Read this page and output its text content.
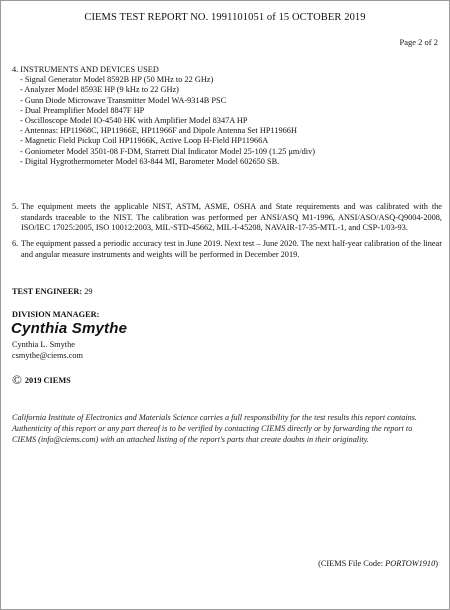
CIEMS TEST REPORT NO. 1991101051 of 15 OCTOBER 2019
Page 2 of 2
4. INSTRUMENTS AND DEVICES USED
- Signal Generator Model 8592B HP (50 MHz to 22 GHz)
- Analyzer Model 8593E HP (9 kHz to 22 GHz)
- Gunn Diode Microwave Transmitter Model WA-9314B PSC
- Dual Preamplifier Model 8847F HP
- Oscilloscope Model IO-4540 HK with Amplifier Model 8347A HP
- Antennas: HP11968C, HP11966E, HP11966F and Dipole Antenna Set HP11966H
- Magnetic Field Pickup Coil HP11966K, Active Loop H-Field HP11966A
- Goniometer Model 3501-08 F-DM, Starrett Dial Indicator Model 25-109 (1.25 μm/div)
- Digital Hygrothermometer Model 63-844 MI, Barometer Model 602650 SB.
5. The equipment meets the applicable NIST, ASTM, ASME, OSHA and State requirements and was calibrated with the standards traceable to the NIST. The calibration was performed per ANSI/ASQ M1-1996, ANSI/ASO/ASQ-Q9004-2008, ISO/IEC 17025:2005, ISO 10012:2003, MIL-STD-45662, MIL-I-45208, NAVAIR-17-35-MTL-1, and CSP-1/03-93.
6. The equipment passed a periodic accuracy test in June 2019. Next test – June 2020. The next half-year calibration of the linear and angular measure instruments and weights will be performed in December 2019.
TEST ENGINEER: 29
DIVISION MANAGER:
Cynthia Smythe
Cynthia L. Smythe
csmythe@ciems.com
© 2019 CIEMS
California Institute of Electronics and Materials Science carries a full responsibility for the test results this report contains. Authenticity of this report or any part thereof is to be verified by contacting CIEMS directly or by forwarding the report to CIEMS (info@ciems.com) with an attached listing of the report's parts that create doubts in their originality.
(CIEMS File Code: PORTOW1910)
